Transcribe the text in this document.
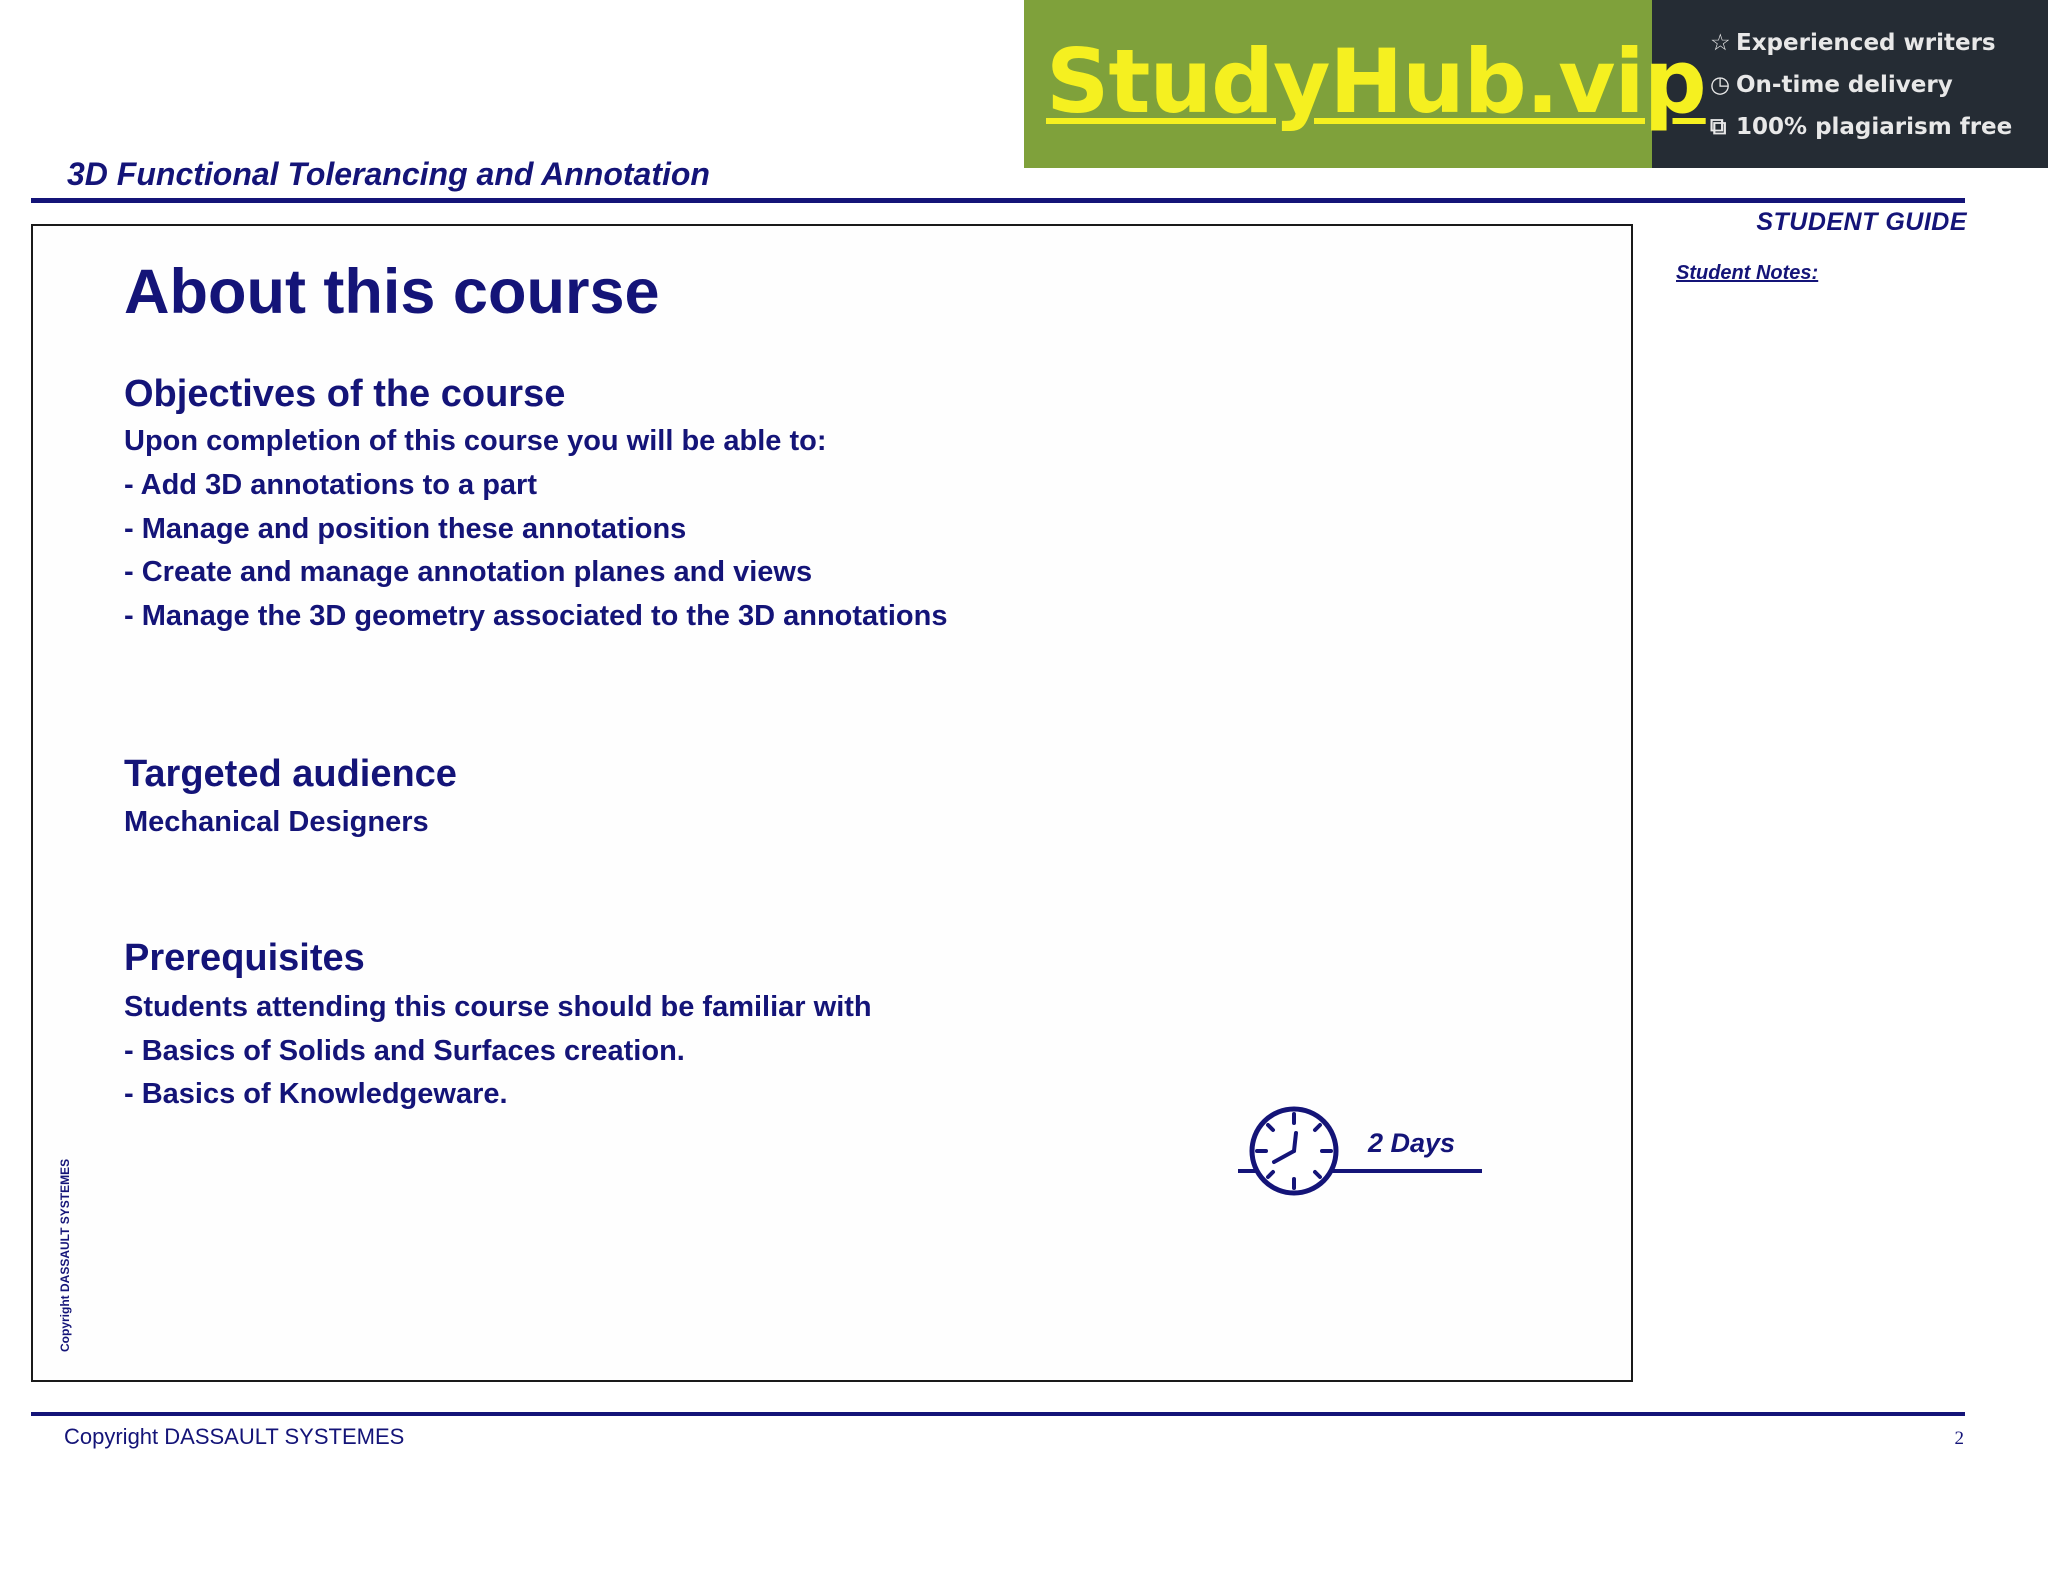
StudyHub.vip ☆ Experienced writers
◷ On-time delivery
⧉ 100% plagiarism free
3D Functional Tolerancing and Annotation
STUDENT GUIDE
Student Notes:
About this course
Objectives of the course
Upon completion of this course you will be able to:
- Add 3D annotations to a part
- Manage and position these annotations
- Create and manage annotation planes and views
- Manage the 3D geometry associated to the 3D annotations
Targeted audience
Mechanical Designers
Prerequisites
Students attending this course should be familiar with
- Basics of Solids and Surfaces creation.
- Basics of Knowledgeware.
2 Days
Copyright DASSAULT SYSTEMES
Copyright DASSAULT SYSTEMES	2
